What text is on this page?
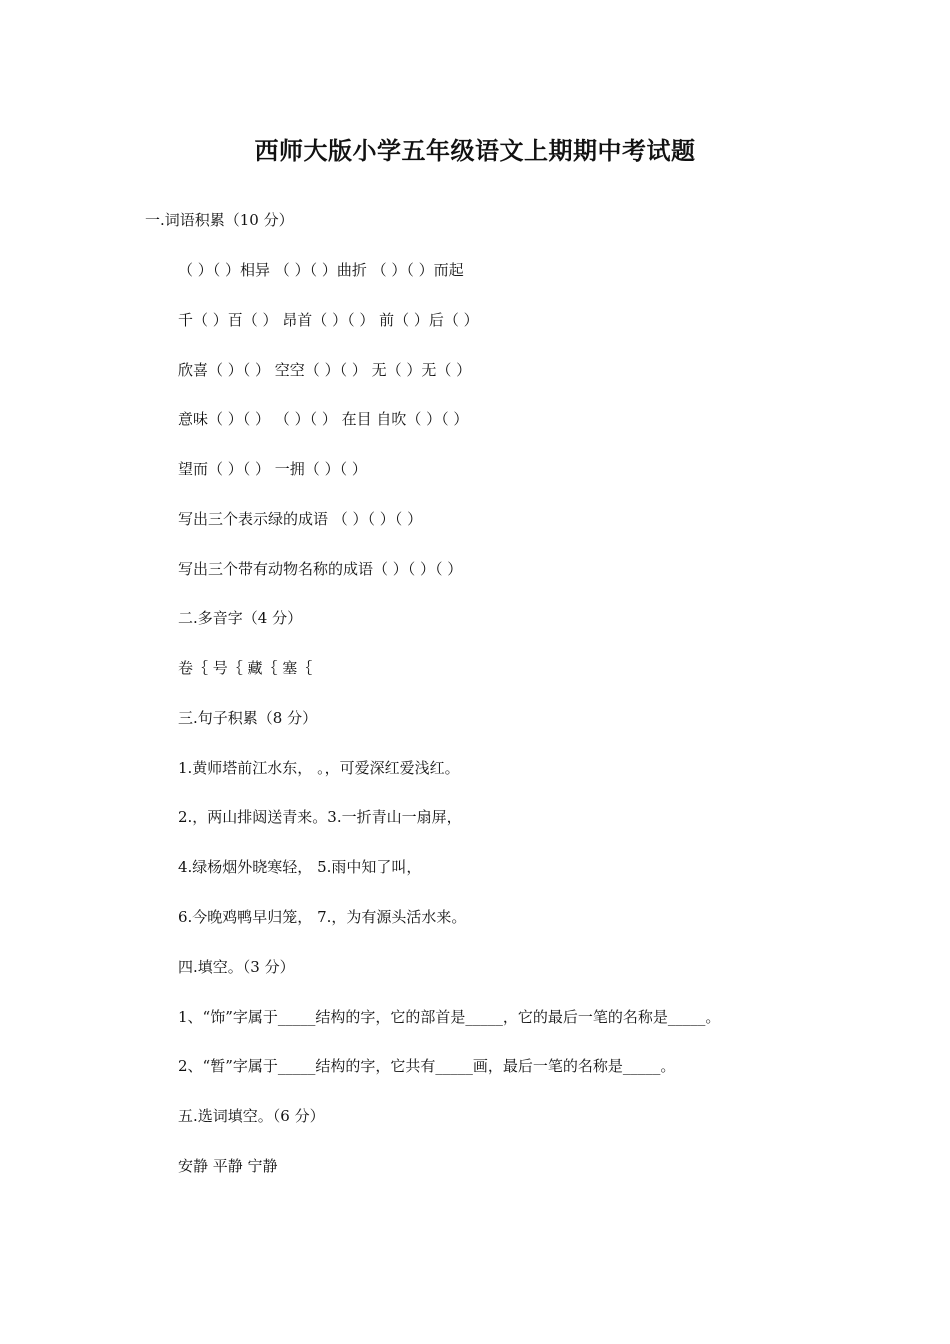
西师大版小学五年级语文上期期中考试题
一.词语积累（10 分）
（ ）（ ）相异 （ ）（ ）曲折 （ ）（ ）而起
千（ ）百（ ） 昂首（ ）（ ） 前（ ）后（ ）
欣喜（ ）（ ） 空空（ ）（ ） 无（ ）无（ ）
意味（ ）（ ） （ ）（ ） 在目 自吹（ ）（ ）
望而（ ）（ ） 一拥（ ）（ ）
写出三个表示绿的成语 （ ）（ ）（ ）
写出三个带有动物名称的成语（ ）（ ）（ ）
二.多音字（4 分）
卷｛ 号｛ 藏｛ 塞｛
三.句子积累（8 分）
1.黄师塔前江水东， 。，可爱深红爱浅红。
2.，两山排闼送青来。3.一折青山一扇屏，
4.绿杨烟外晓寒轻， 5.雨中知了叫，
6.今晚鸡鸭早归笼， 7.，为有源头活水来。
四.填空。（3 分）
1、“饰”字属于_____结构的字，它的部首是_____，它的最后一笔的名称是_____。
2、“暂”字属于_____结构的字，它共有_____画，最后一笔的名称是_____。
五.选词填空。（6 分）
安静 平静 宁静
